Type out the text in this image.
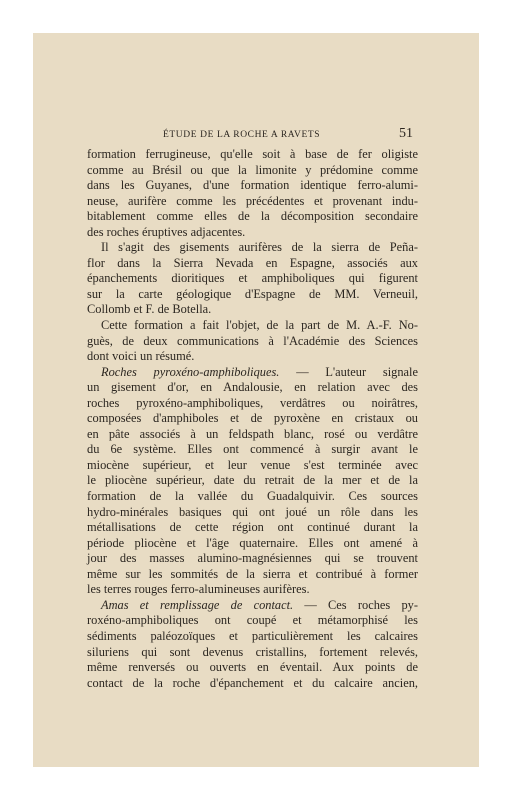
ÉTUDE DE LA ROCHE A RAVETS	51

formation ferrugineuse, qu'elle soit à base de fer oligiste

comme au Brésil ou que la limonite y prédomine comme

dans les Guyanes, d'une formation identique ferro-alumi-

neuse, aurifère comme les précédentes et provenant indu-

bitablement comme elles de la décomposition secondaire

des roches éruptives adjacentes.

Il s'agit des gisements aurifères de la sierra de Peña-

flor dans la Sierra Nevada en Espagne, associés aux

épanchements dioritiques et amphiboliques qui figurent

sur la carte géologique d'Espagne de MM. Verneuil,

Collomb et F. de Botella.

Cette formation a fait l'objet, de la part de M. A.-F. No-

guès, de deux communications à l'Académie des Sciences

dont voici un résumé.

Roches pyroxéno-amphiboliques. — L'auteur signale

un gisement d'or, en Andalousie, en relation avec des

roches pyroxéno-amphiboliques, verdâtres ou noirâtres,

composées d'amphiboles et de pyroxène en cristaux ou

en pâte associés à un feldspath blanc, rosé ou verdâtre

du 6e système. Elles ont commencé à surgir avant le

miocène supérieur, et leur venue s'est terminée avec

le pliocène supérieur, date du retrait de la mer et de la

formation de la vallée du Guadalquivir. Ces sources

hydro-minérales basiques qui ont joué un rôle dans les

métallisations de cette région ont continué durant la

période pliocène et l'âge quaternaire. Elles ont amené à

jour des masses alumino-magnésiennes qui se trouvent

même sur les sommités de la sierra et contribué à former

les terres rouges ferro-alumineuses aurifères.

Amas et remplissage de contact. — Ces roches py-

roxéno-amphiboliques ont coupé et métamorphisé les

sédiments paléozoïques et particulièrement les calcaires

siluriens qui sont devenus cristallins, fortement relevés,

même renversés ou ouverts en éventail. Aux points de

contact de la roche d'épanchement et du calcaire ancien,
